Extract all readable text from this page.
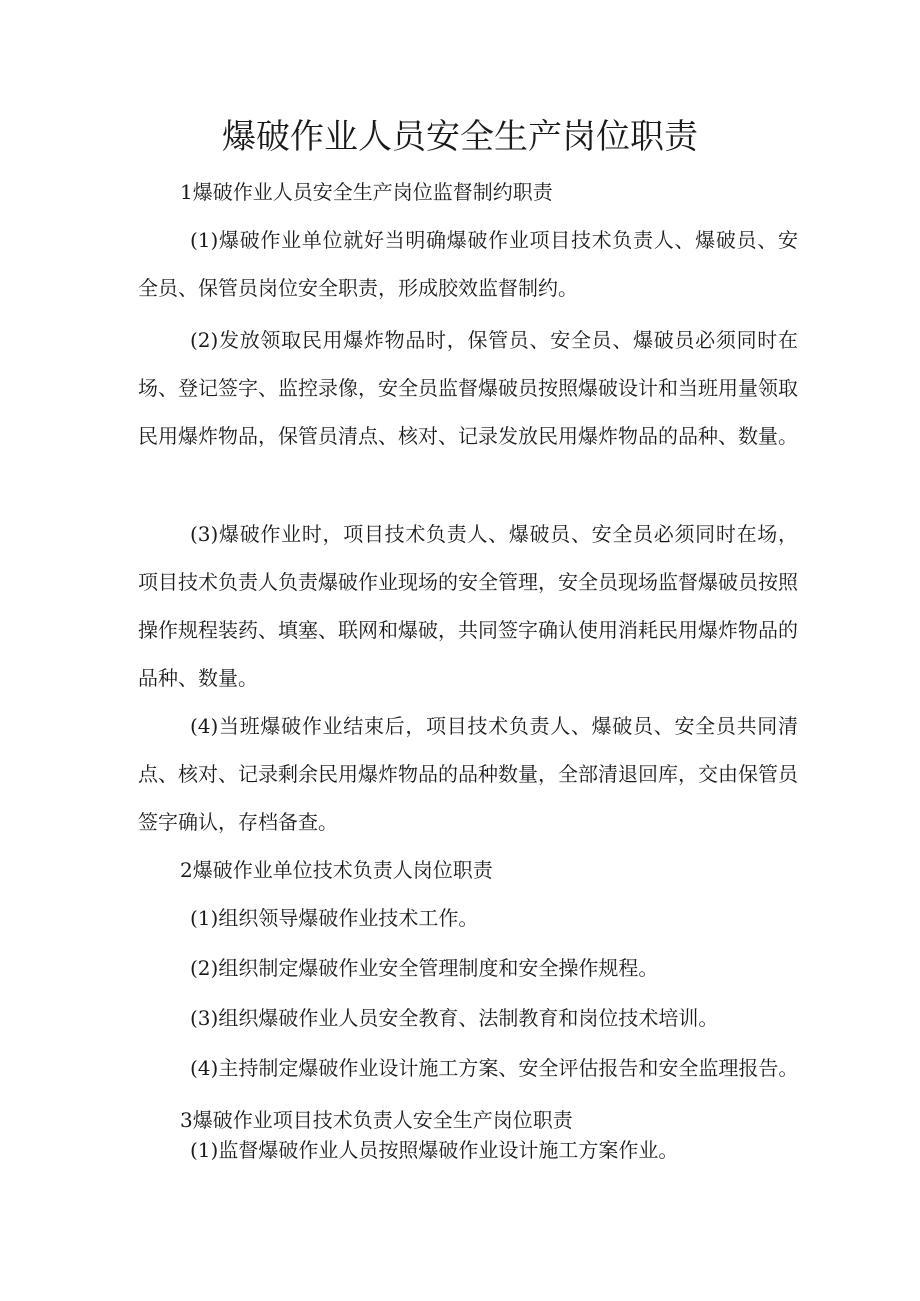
爆破作业人员安全生产岗位职责

1爆破作业人员安全生产岗位监督制约职责

(1)爆破作业单位就好当明确爆破作业项目技术负责人、爆破员、安全员、保管员岗位安全职责，形成胶效监督制约。

(2)发放领取民用爆炸物品时，保管员、安全员、爆破员必须同时在场、登记签字、监控录像，安全员监督爆破员按照爆破设计和当班用量领取民用爆炸物品，保管员清点、核对、记录发放民用爆炸物品的品种、数量。

(3)爆破作业时，项目技术负责人、爆破员、安全员必须同时在场，项目技术负责人负责爆破作业现场的安全管理，安全员现场监督爆破员按照操作规程装药、填塞、联网和爆破，共同签字确认使用消耗民用爆炸物品的品种、数量。

(4)当班爆破作业结束后，项目技术负责人、爆破员、安全员共同清点、核对、记录剩余民用爆炸物品的品种数量，全部清退回库，交由保管员签字确认，存档备查。

2爆破作业单位技术负责人岗位职责

(1)组织领导爆破作业技术工作。

(2)组织制定爆破作业安全管理制度和安全操作规程。

(3)组织爆破作业人员安全教育、法制教育和岗位技术培训。

(4)主持制定爆破作业设计施工方案、安全评估报告和安全监理报告。

3爆破作业项目技术负责人安全生产岗位职责

(1)监督爆破作业人员按照爆破作业设计施工方案作业。
